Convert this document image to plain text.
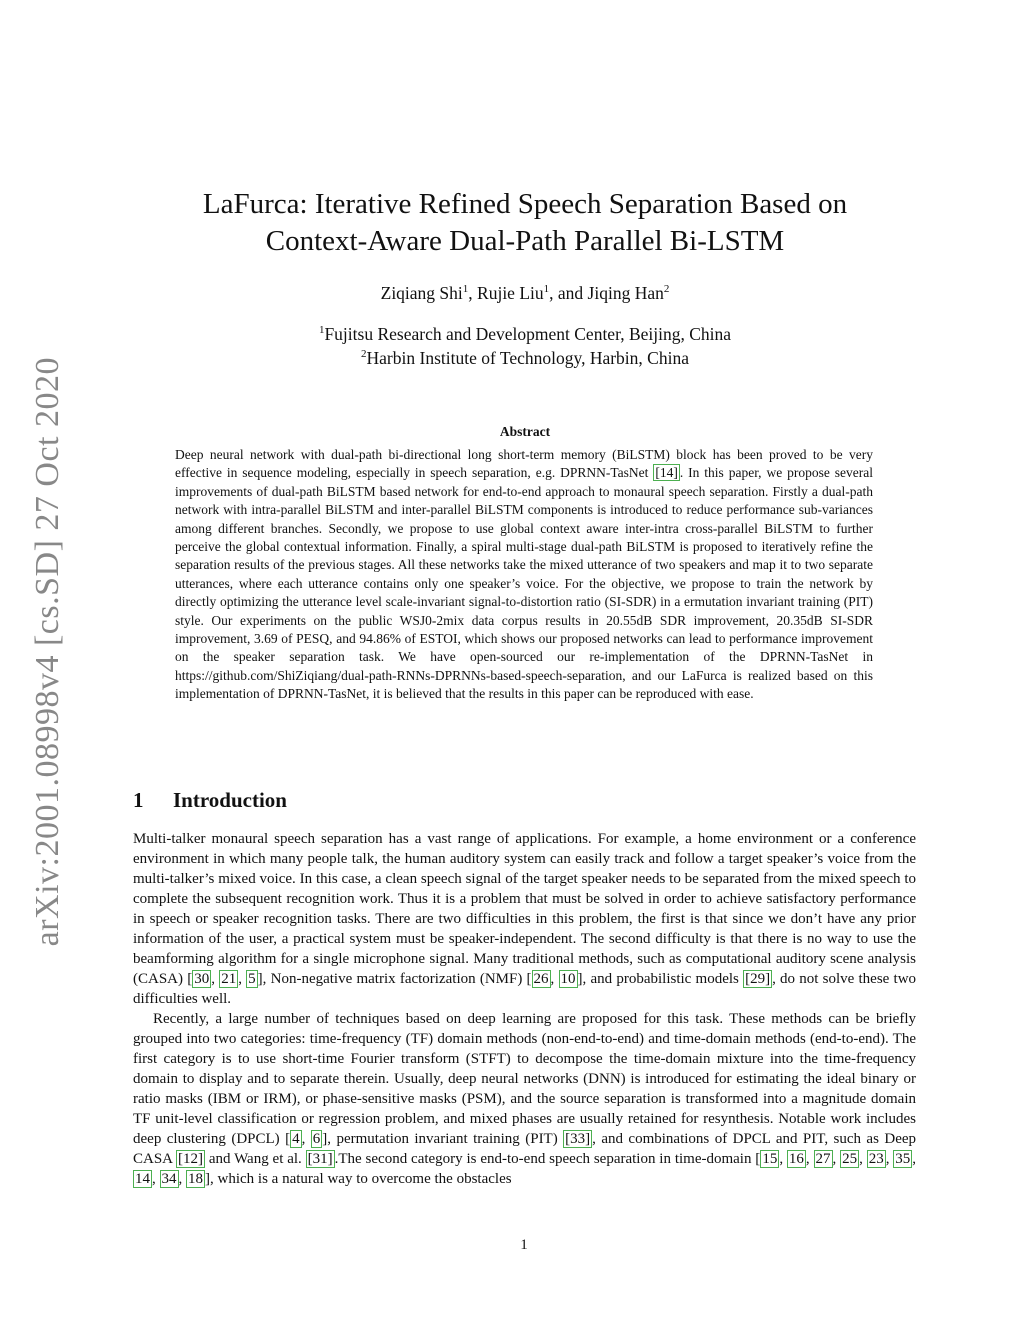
arXiv:2001.08998v4 [cs.SD] 27 Oct 2020
LaFurca: Iterative Refined Speech Separation Based on
Context-Aware Dual-Path Parallel Bi-LSTM
Ziqiang Shi$^1$, Rujie Liu$^1$, and Jiqing Han$^2$
$^1$Fujitsu Research and Development Center, Beijing, China
$^2$Harbin Institute of Technology, Harbin, China
Abstract

Deep neural network with dual-path bi-directional long short-term memory (BiLSTM) block has been proved to be very effective in sequence modeling, especially in speech separation, e.g. DPRNN-TasNet [14] . In this paper, we propose several improvements of dual-path BiLSTM based network for end-to-end approach to monaural speech separation. Firstly a dual-path network with intra-parallel BiLSTM and inter-parallel BiLSTM components is introduced to reduce performance sub-variances among different branches. Secondly, we propose to use global context aware inter-intra cross-parallel BiLSTM to further perceive the global contextual information. Finally, a spiral multi-stage dual-path BiLSTM is proposed to iteratively refine the separation results of the previous stages. All these networks take the mixed utterance of two speakers and map it to two separate utterances, where each utterance contains only one speaker’s voice. For the objective, we propose to train the network by directly optimizing the utterance level scale-invariant signal-to-distortion ratio (SI-SDR) in a ermutation invariant training (PIT) style. Our experiments on the public WSJ0-2mix data corpus results in 20.55dB SDR improvement, 20.35dB SI-SDR improvement, 3.69 of PESQ, and 94.86% of ESTOI, which shows our proposed networks can lead to performance improvement on the speaker separation task. We have open-sourced our re-implementation of the DPRNN-TasNet in https://github.com/ShiZiqiang/dual-path-RNNs-DPRNNs-based-speech-separation, and our LaFurca is realized based on this implementation of DPRNN-TasNet, it is believed that the results in this paper can be reproduced with ease.

1 Introduction

Multi-talker monaural speech separation has a vast range of applications. For example, a home environment or a conference environment in which many people talk, the human auditory system can easily track and follow a target speaker’s voice from the multi-talker’s mixed voice. In this case, a clean speech signal of the target speaker needs to be separated from the mixed speech to complete the subsequent recognition work. Thus it is a problem that must be solved in order to achieve satisfactory performance in speech or speaker recognition tasks. There are two difficulties in this problem, the first is that since we don’t have any prior information of the user, a practical system must be speaker-independent. The second difficulty is that there is no way to use the beamforming algorithm for a single microphone signal. Many traditional methods, such as computational auditory scene analysis (CASA) [ 30 , 21 , 5 ], Non-negative matrix factorization (NMF) [ 26 , 10 ], and probabilistic models [29] , do not solve these two difficulties well.

Recently, a large number of techniques based on deep learning are proposed for this task. These methods can be briefly grouped into two categories: time-frequency (TF) domain methods (non-end-to-end) and time-domain methods (end-to-end). The first category is to use short-time Fourier transform (STFT) to decompose the time-domain mixture into the time-frequency domain to display and to separate therein. Usually, deep neural networks (DNN) is introduced for estimating the ideal binary or ratio masks (IBM or IRM), or phase-sensitive masks (PSM), and the source separation is transformed into a magnitude domain TF unit-level classification or regression problem, and mixed phases are usually retained for resynthesis. Notable work includes deep clustering (DPCL) [ 4 , 6 ], permutation invariant training (PIT) [33] , and combinations of DPCL and PIT, such as Deep CASA [12] and Wang et al. [31] .The second category is end-to-end speech separation in time-domain [ 15 , 16 , 27 , 25 , 23 , 35 , 14 , 34 , 18 ], which is a natural way to overcome the obstacles

1
